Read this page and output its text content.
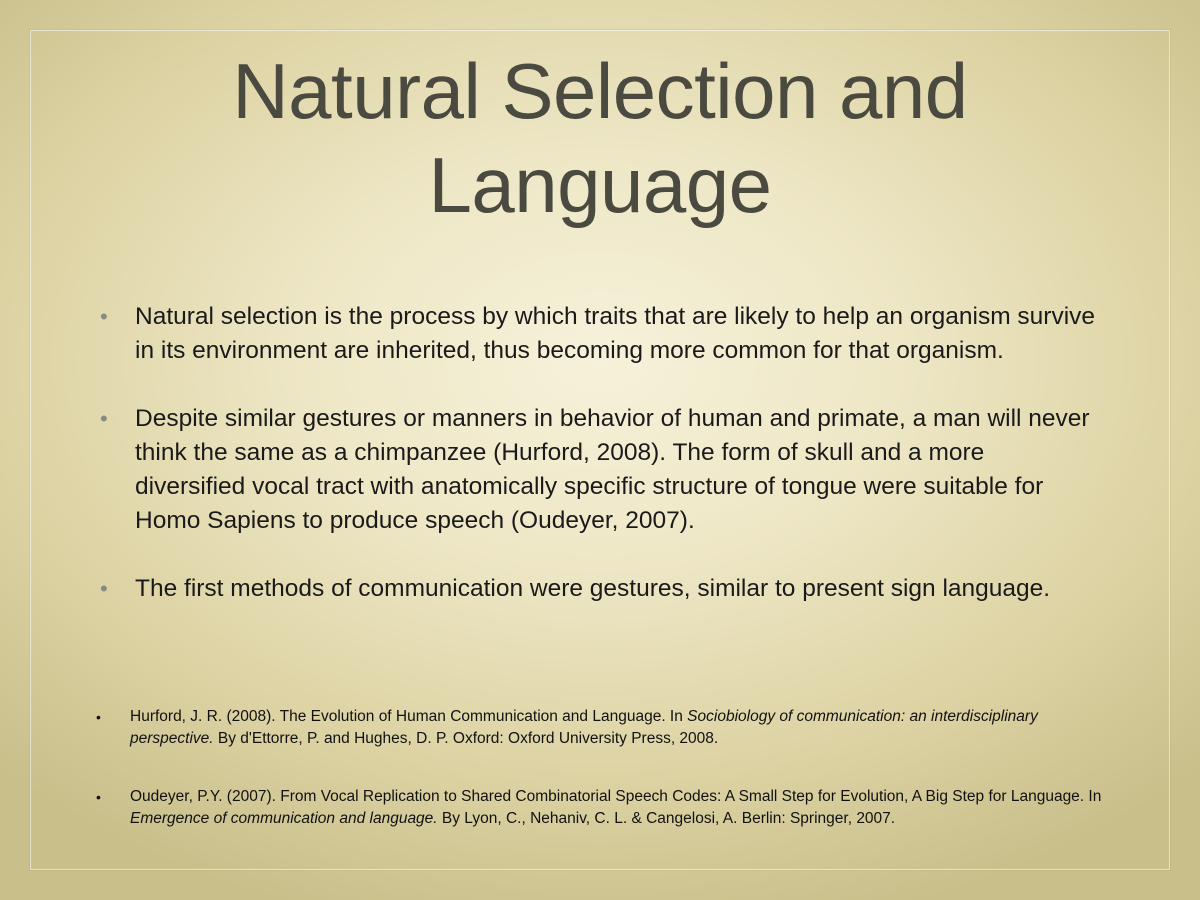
Natural Selection and
Language
• Natural selection is the process by which traits that are likely to help an organism survive in its environment are inherited, thus becoming more common for that organism.
• Despite similar gestures or manners in behavior of human and primate, a man will never think the same as a chimpanzee (Hurford, 2008). The form of skull and a more diversified vocal tract with anatomically specific structure of tongue were suitable for Homo Sapiens to produce speech (Oudeyer, 2007).
• The first methods of communication were gestures, similar to present sign language.
• Hurford, J. R. (2008). The Evolution of Human Communication and Language. In Sociobiology of communication: an interdisciplinary perspective. By d'Ettorre, P. and Hughes, D. P. Oxford: Oxford University Press, 2008.
• Oudeyer, P.Y. (2007). From Vocal Replication to Shared Combinatorial Speech Codes: A Small Step for Evolution, A Big Step for Language. In Emergence of communication and language. By Lyon, C., Nehaniv, C. L. & Cangelosi, A. Berlin: Springer, 2007.
